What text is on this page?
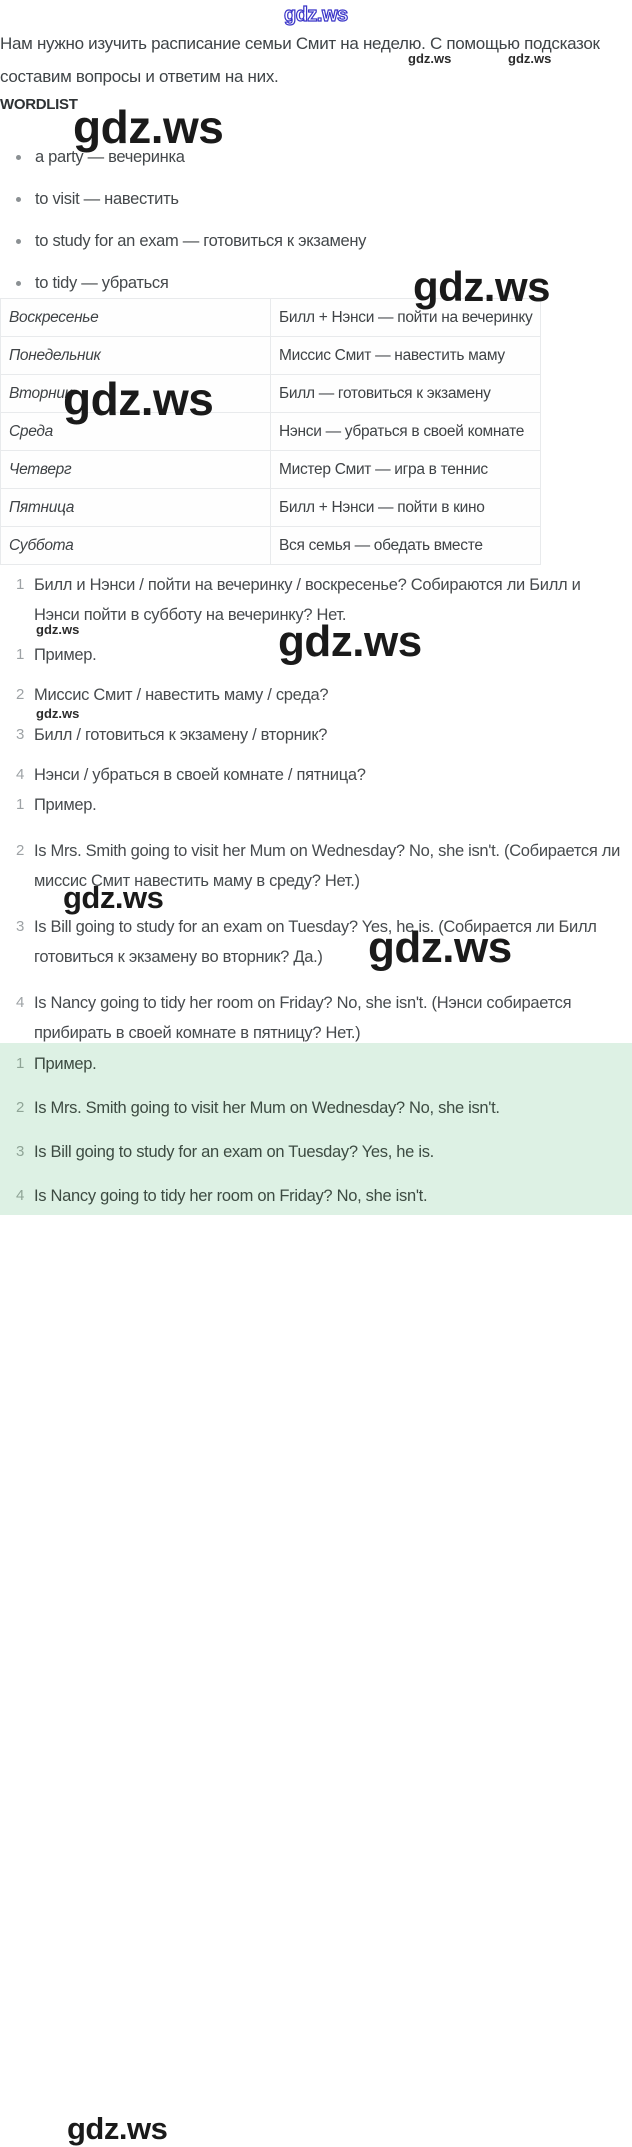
gdz.ws
gdz.ws	gdz.ws
gdz.ws
gdz.ws
gdz.ws
gdz.ws
gdz.ws
gdz.ws
gdz.ws
gdz.ws

Нам нужно изучить расписание семьи Смит на неделю. С помощью подсказок составим вопросы и ответим на них.

WORDLIST
a party — вечеринка
to visit — навестить
to study for an exam — готовиться к экзамену
to tidy — убраться
Воскресенье	Билл + Нэнси — пойти на вечеринку
Понедельник	Миссис Смит — навестить маму
Вторник	Билл — готовиться к экзамену
Среда	Нэнси — убраться в своей комнате
Четверг	Мистер Смит — игра в теннис
Пятница	Билл + Нэнси — пойти в кино
Суббота	Вся семья — обедать вместе
1 Билл и Нэнси / пойти на вечеринку / воскресенье? Собираются ли Билл и Нэнси пойти в субботу на вечеринку? Нет.
1 Пример.
2 Миссис Смит / навестить маму / среда?
3 Билл / готовиться к экзамену / вторник?
4 Нэнси / убраться в своей комнате / пятница?
1 Пример.
2 Is Mrs. Smith going to visit her Mum on Wednesday? No, she isn't. (Собирается ли миссис Смит навестить маму в среду? Нет.)
3 Is Bill going to study for an exam on Tuesday? Yes, he is. (Собирается ли Билл готовиться к экзамену во вторник? Да.)
4 Is Nancy going to tidy her room on Friday? No, she isn't. (Нэнси собирается прибирать в своей комнате в пятницу? Нет.)
gdz.ws
1 Пример.
2 Is Mrs. Smith going to visit her Mum on Wednesday? No, she isn't.
3 Is Bill going to study for an exam on Tuesday? Yes, he is.
4 Is Nancy going to tidy her room on Friday? No, she isn't.
